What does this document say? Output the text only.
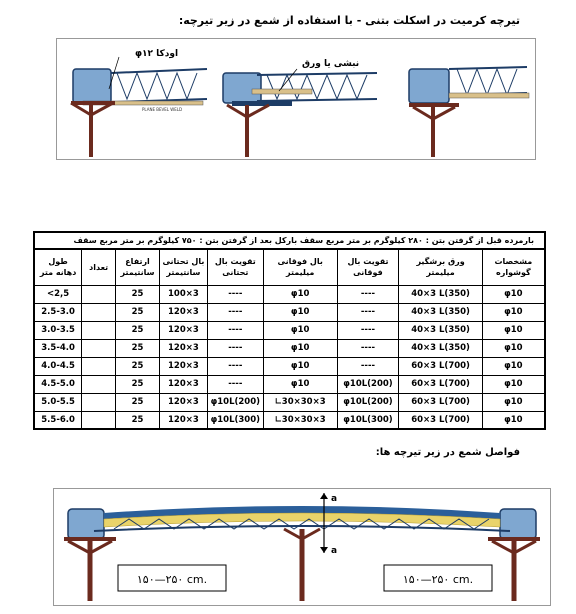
تیرچه کرمیت در اسکلت بتنی - با استفاده از شمع در زیر تیرچه:
PLANE BEVEL WELD
φ۱۲ اودکا
نبشی یا ورق
بارمرده قبل از گرفتن بتن : ۲۸۰ کیلوگرم بر متر مربع سقف بارکل بعد از گرفتن بتن : ۷۵۰ کیلوگرم بر متر مربع سقف								
طول دهانه متر	تعداد	ارتفاع سانتیمتر	بال تحتانی سانتیمتر	تقویت بال تحتانی	بال فوقانی میلیمتر	تقویت بال فوقانی	ورق برشگیر میلیمتر	مشخصات گوشواره
<2,5		25	100×3	----	φ10	----	40×3 L(350)	φ10
2.5-3.0		25	120×3	----	φ10	----	40×3 L(350)	φ10
3.0-3.5		25	120×3	----	φ10	----	40×3 L(350)	φ10
3.5-4.0		25	120×3	----	φ10	----	40×3 L(350)	φ10
4.0-4.5		25	120×3	----	φ10	----	60×3 L(700)	φ10
4.5-5.0		25	120×3	----	φ10	φ10L(200)	60×3 L(700)	φ10
5.0-5.5		25	120×3	φ10L(200)	∟30×30×3	φ10L(200)	60×3 L(700)	φ10
5.5-6.0		25	120×3	φ10L(300)	∟30×30×3	φ10L(300)	60×3 L(700)	φ10
فواصل شمع در زیر تیرچه ها:
a
a
۱۵۰—۲۵۰ cm.	۱۵۰—۲۵۰ cm.
